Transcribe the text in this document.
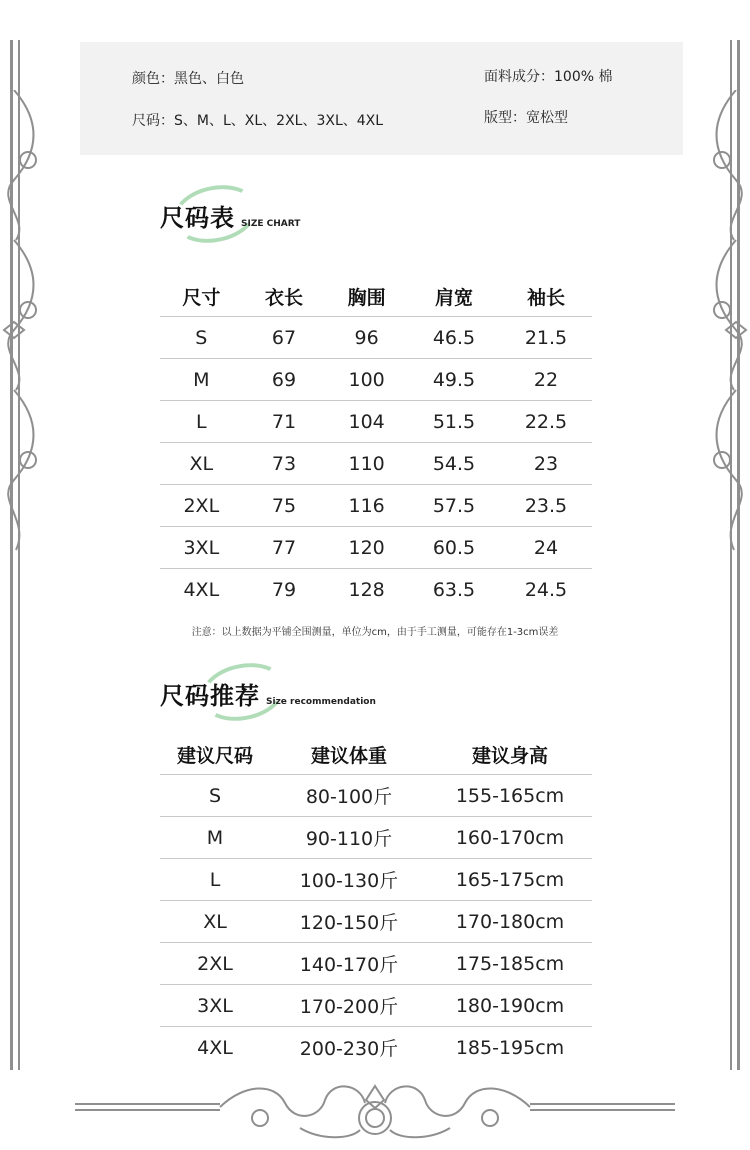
颜色：黑色、白色
尺码：S、M、L、XL、2XL、3XL、4XL
面料成分：100% 棉
版型：宽松型
尺码表 SIZE CHART
尺寸	衣长	胸围	肩宽	袖长
S	67	96	46.5	21.5
M	69	100	49.5	22
L	71	104	51.5	22.5
XL	73	110	54.5	23
2XL	75	116	57.5	23.5
3XL	77	120	60.5	24
4XL	79	128	63.5	24.5
注意：以上数据为平铺全围测量，单位为cm，由于手工测量，可能存在1-3cm误差
尺码推荐 Size recommendation
建议尺码	建议体重	建议身高
S	80-100斤	155-165cm
M	90-110斤	160-170cm
L	100-130斤	165-175cm
XL	120-150斤	170-180cm
2XL	140-170斤	175-185cm
3XL	170-200斤	180-190cm
4XL	200-230斤	185-195cm
